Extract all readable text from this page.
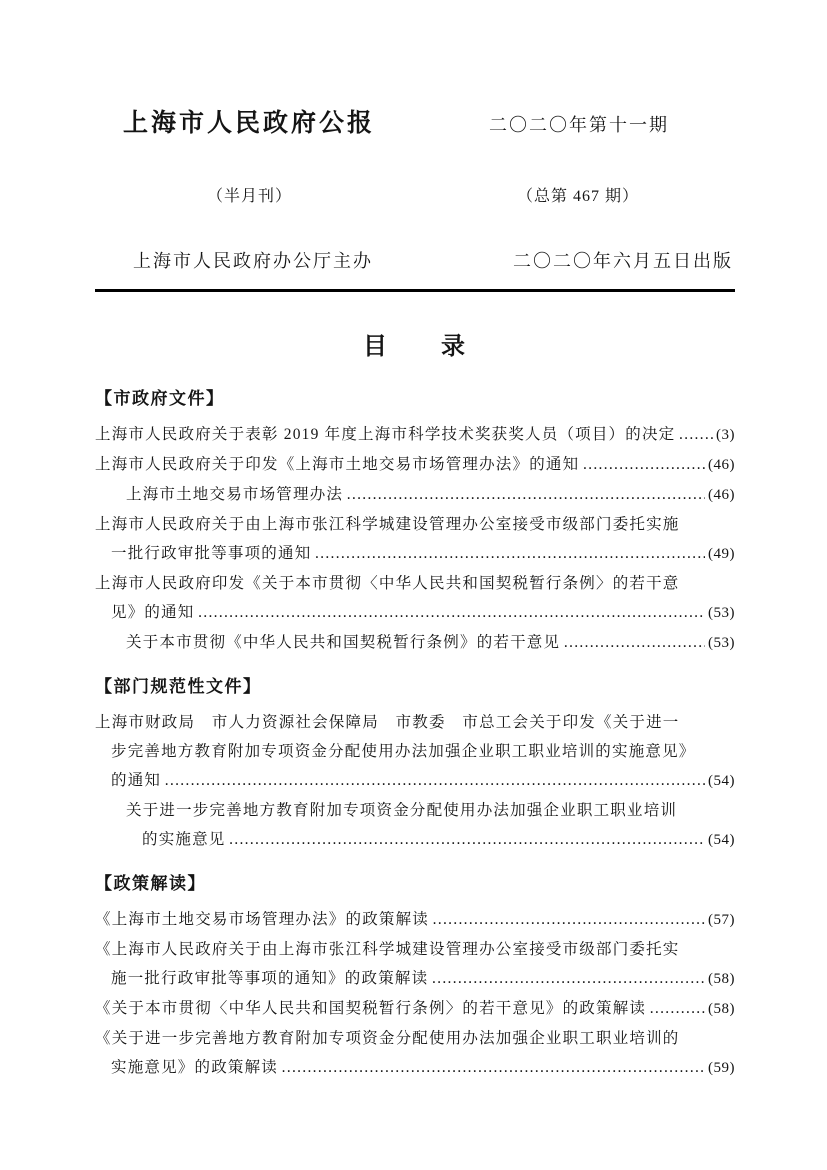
上海市人民政府公报	二〇二〇年第十一期
（半月刊）	（总第 467 期）
上海市人民政府办公厅主办	二〇二〇年六月五日出版
目　　录
【市政府文件】
上海市人民政府关于表彰 2019 年度上海市科学技术奖获奖人员（项目）的决定 ……………………………………………………………………………………………………………………………………………………	(3)
上海市人民政府关于印发《上海市土地交易市场管理办法》的通知 ……………………………………………………………………………………………………………………………………………………	(46)
上海市土地交易市场管理办法 ……………………………………………………………………………………………………………………………………………………	(46)
上海市人民政府关于由上海市张江科学城建设管理办公室接受市级部门委托实施
一批行政审批等事项的通知 ……………………………………………………………………………………………………………………………………………………	(49)
上海市人民政府印发《关于本市贯彻〈中华人民共和国契税暂行条例〉的若干意
见》的通知 ……………………………………………………………………………………………………………………………………………………	(53)
关于本市贯彻《中华人民共和国契税暂行条例》的若干意见 ……………………………………………………………………………………………………………………………………………………	(53)
【部门规范性文件】
上海市财政局　市人力资源社会保障局　市教委　市总工会关于印发《关于进一
步完善地方教育附加专项资金分配使用办法加强企业职工职业培训的实施意见》
的通知 ……………………………………………………………………………………………………………………………………………………	(54)
关于进一步完善地方教育附加专项资金分配使用办法加强企业职工职业培训
的实施意见 ……………………………………………………………………………………………………………………………………………………	(54)
【政策解读】
《上海市土地交易市场管理办法》的政策解读 ……………………………………………………………………………………………………………………………………………………	(57)
《上海市人民政府关于由上海市张江科学城建设管理办公室接受市级部门委托实
施一批行政审批等事项的通知》的政策解读 ……………………………………………………………………………………………………………………………………………………	(58)
《关于本市贯彻〈中华人民共和国契税暂行条例〉的若干意见》的政策解读 ……………………………………………………………………………………………………………………………………………………	(58)
《关于进一步完善地方教育附加专项资金分配使用办法加强企业职工职业培训的
实施意见》的政策解读 ……………………………………………………………………………………………………………………………………………………	(59)
